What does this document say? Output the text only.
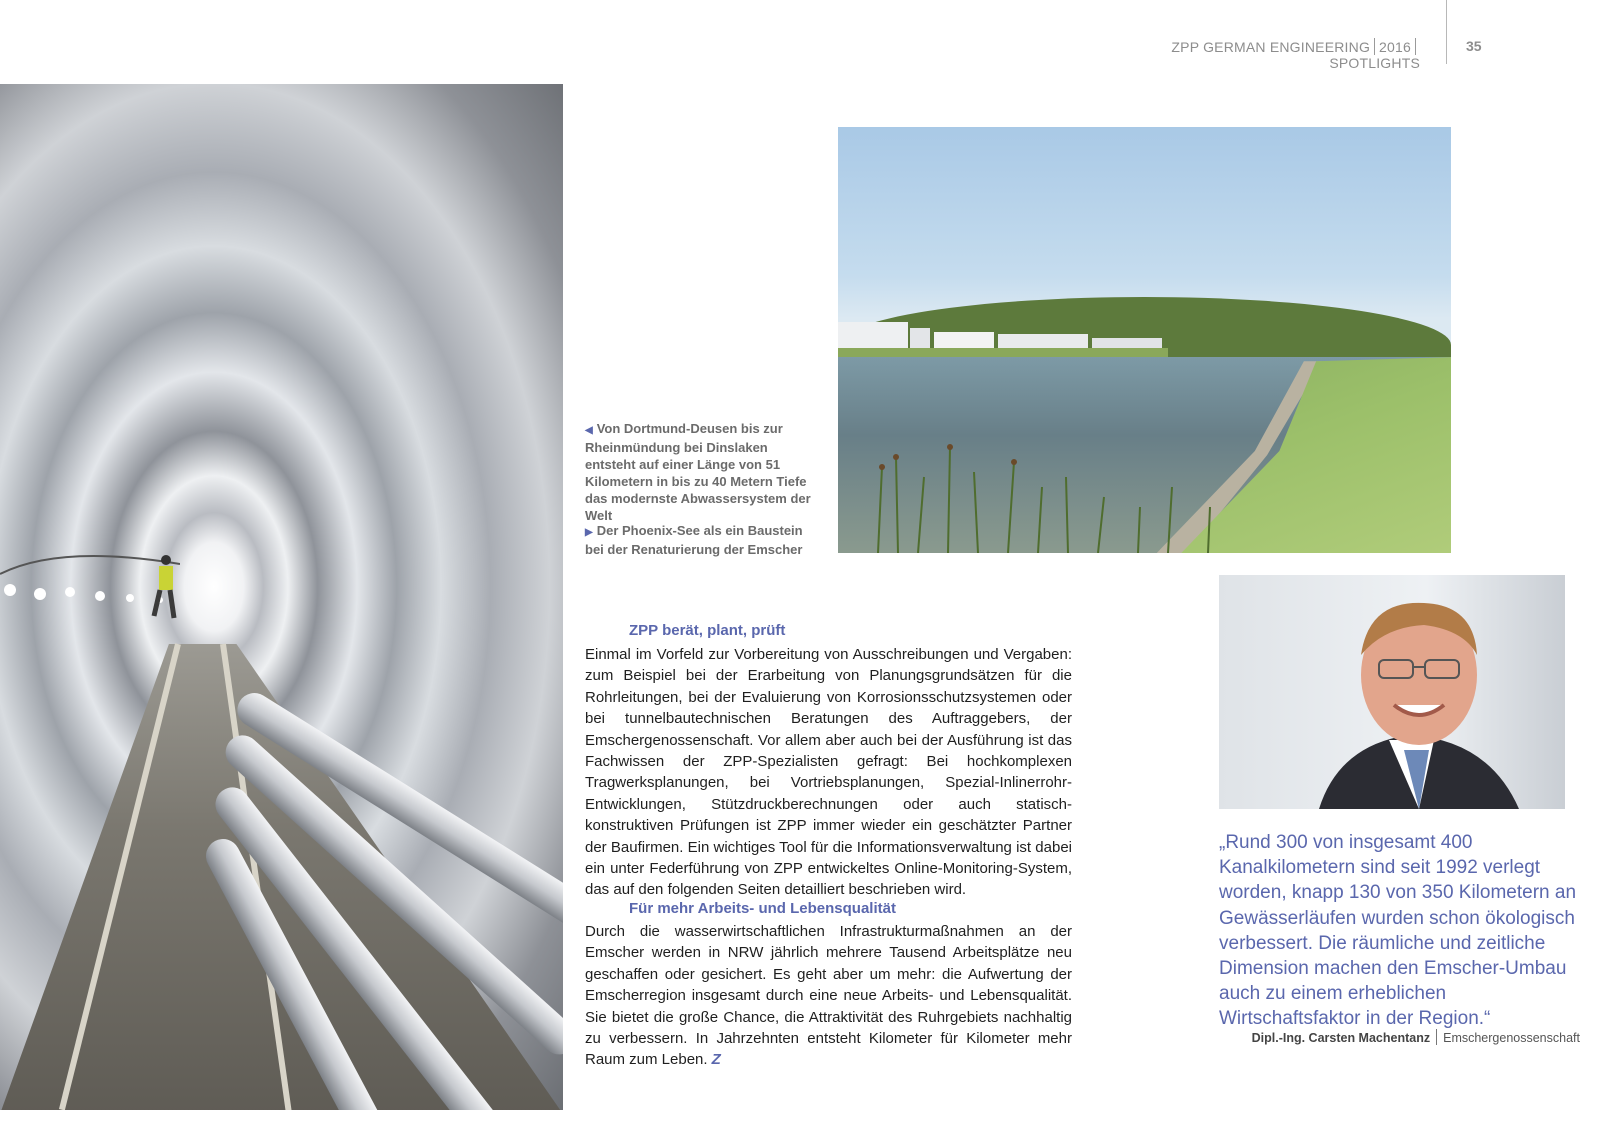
ZPP GERMAN ENGINEERING 2016SPOTLIGHTS
35
◀ Von Dortmund-Deusen bis zur Rheinmündung bei Dinslaken entsteht auf einer Länge von 51 Kilometern in bis zu 40 Metern Tiefe das modernste Abwassersystem der Welt
▶ Der Phoenix-See als ein Baustein bei der Renaturierung der Emscher
ZPP berät, plant, prüft
Einmal im Vorfeld zur Vorbereitung von Ausschreibungen und Vergaben: zum Beispiel bei der Erarbeitung von Planungsgrundsätzen für die Rohrleitungen, bei der Evaluierung von Korrosionsschutzsystemen oder bei tunnelbautechnischen Beratungen des Auftraggebers, der Emschergenossenschaft. Vor allem aber auch bei der Ausführung ist das Fachwissen der ZPP-Spezialisten gefragt: Bei hochkomplexen Tragwerksplanungen, bei Vortriebsplanungen, Spezial-Inlinerrohr-Entwicklungen, Stützdruckberechnungen oder auch statisch-konstruktiven Prüfungen ist ZPP immer wieder ein geschätzter Partner der Baufirmen. Ein wichtiges Tool für die Informationsverwaltung ist dabei ein unter Federführung von ZPP entwickeltes Online-Monitoring-System, das auf den folgenden Seiten detailliert beschrieben wird.
Für mehr Arbeits- und Lebensqualität
Durch die wasserwirtschaftlichen Infrastrukturmaßnahmen an der Emscher werden in NRW jährlich mehrere Tausend Arbeitsplätze neu geschaffen oder gesichert. Es geht aber um mehr: die Aufwertung der Emscherregion insgesamt durch eine neue Arbeits- und Lebensqualität. Sie bietet die große Chance, die Attraktivität des Ruhrgebiets nachhaltig zu verbessern. In Jahrzehnten entsteht Kilometer für Kilometer mehr Raum zum Leben. Z
„Rund 300 von insgesamt 400 Kanalkilometern sind seit 1992 verlegt worden, knapp 130 von 350 Kilometern an Gewässerläufen wurden schon ökologisch verbessert. Die räumliche und zeitliche Dimension machen den Emscher-Umbau auch zu einem erheblichen Wirtschaftsfaktor in der Region.“
Dipl.-Ing. Carsten Machentanz Emschergenossenschaft
